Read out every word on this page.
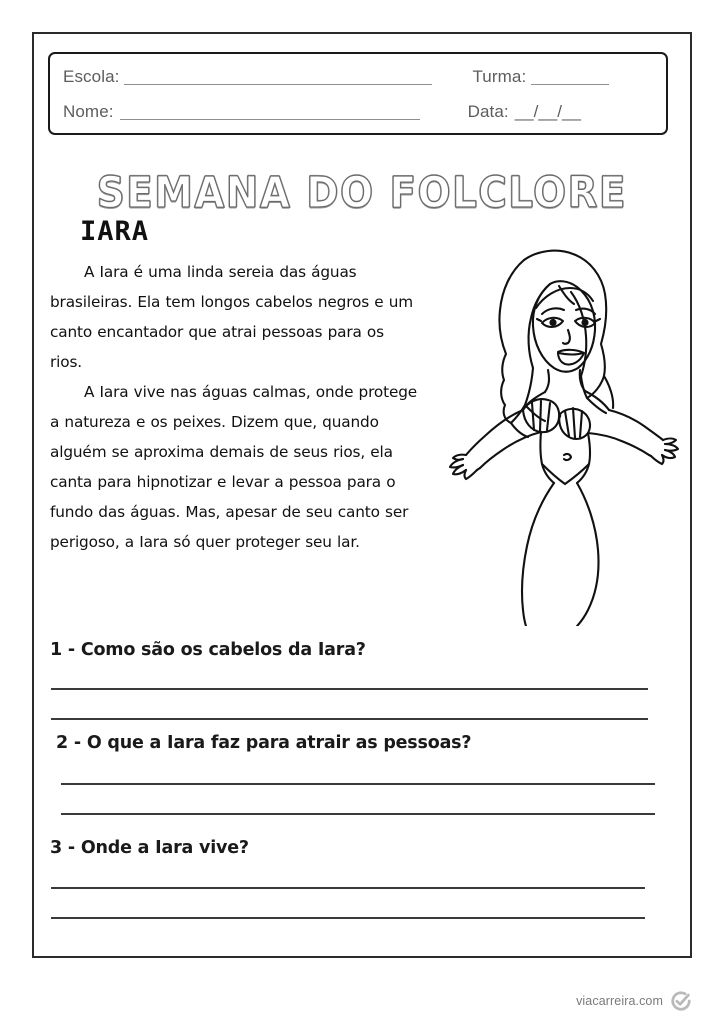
Escola:	Turma:
Nome:	Data: __/__/__
SEMANA DO FOLCLORE
IARA

A Iara é uma linda sereia das águas brasileiras. Ela tem longos cabelos negros e um canto encantador que atrai pessoas para os rios.

A Iara vive nas águas calmas, onde protege a natureza e os peixes. Dizem que, quando alguém se aproxima demais de seus rios, ela canta para hipnotizar e levar a pessoa para o fundo das águas. Mas, apesar de seu canto ser perigoso, a Iara só quer proteger seu lar.

1 - Como são os cabelos da Iara?

2 - O que a Iara faz para atrair as pessoas?

3 - Onde a Iara vive?

viacarreira.com
